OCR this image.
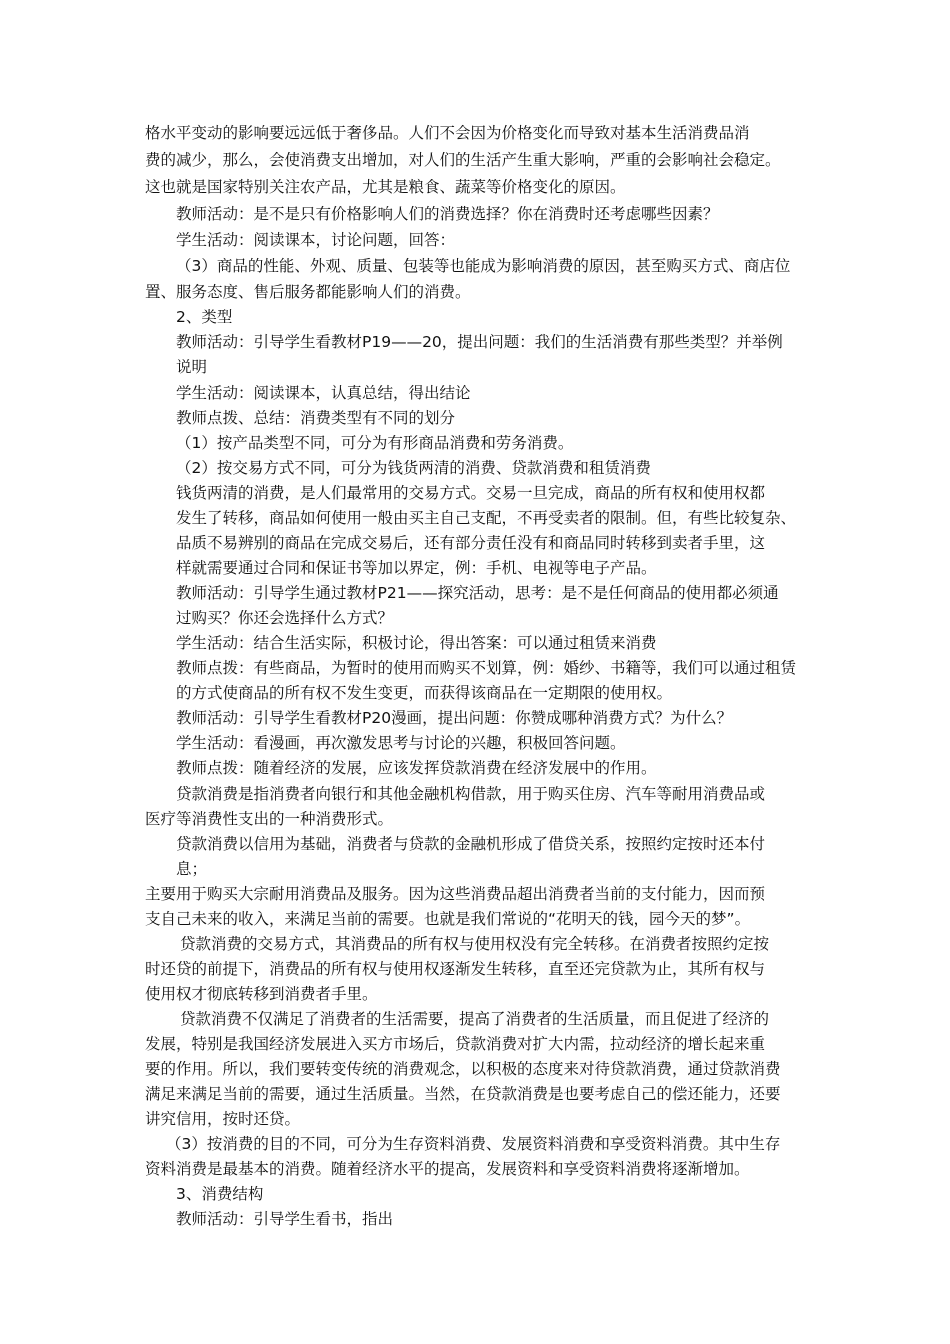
格水平变动的影响要远远低于奢侈品。人们不会因为价格变化而导致对基本生活消费品消
费的减少，那么，会使消费支出增加，对人们的生活产生重大影响，严重的会影响社会稳定。
这也就是国家特别关注农产品，尤其是粮食、蔬菜等价格变化的原因。
教师活动：是不是只有价格影响人们的消费选择？你在消费时还考虑哪些因素？
学生活动：阅读课本，讨论问题，回答：
（3）商品的性能、外观、质量、包装等也能成为影响消费的原因，甚至购买方式、商店位
置、服务态度、售后服务都能影响人们的消费。
2、类型
教师活动：引导学生看教材P19——20，提出问题：我们的生活消费有那些类型？并举例
说明
学生活动：阅读课本，认真总结，得出结论
教师点拨、总结：消费类型有不同的划分
（1）按产品类型不同，可分为有形商品消费和劳务消费。
（2）按交易方式不同，可分为钱货两清的消费、贷款消费和租赁消费
钱货两清的消费，是人们最常用的交易方式。交易一旦完成，商品的所有权和使用权都
发生了转移，商品如何使用一般由买主自己支配，不再受卖者的限制。但，有些比较复杂、
品质不易辨别的商品在完成交易后，还有部分责任没有和商品同时转移到卖者手里，这
样就需要通过合同和保证书等加以界定，例：手机、电视等电子产品。
教师活动：引导学生通过教材P21——探究活动，思考：是不是任何商品的使用都必须通
过购买？你还会选择什么方式？
学生活动：结合生活实际，积极讨论，得出答案：可以通过租赁来消费
教师点拨：有些商品，为暂时的使用而购买不划算，例：婚纱、书籍等，我们可以通过租赁
的方式使商品的所有权不发生变更，而获得该商品在一定期限的使用权。
教师活动：引导学生看教材P20漫画，提出问题：你赞成哪种消费方式？为什么？
学生活动：看漫画，再次激发思考与讨论的兴趣，积极回答问题。
教师点拨：随着经济的发展，应该发挥贷款消费在经济发展中的作用。
贷款消费是指消费者向银行和其他金融机构借款，用于购买住房、汽车等耐用消费品或
医疗等消费性支出的一种消费形式。
贷款消费以信用为基础，消费者与贷款的金融机形成了借贷关系，按照约定按时还本付
息；
主要用于购买大宗耐用消费品及服务。因为这些消费品超出消费者当前的支付能力，因而预
支自己未来的收入，来满足当前的需要。也就是我们常说的“花明天的钱，园今天的梦”。
贷款消费的交易方式，其消费品的所有权与使用权没有完全转移。在消费者按照约定按
时还贷的前提下，消费品的所有权与使用权逐渐发生转移，直至还完贷款为止，其所有权与
使用权才彻底转移到消费者手里。
贷款消费不仅满足了消费者的生活需要，提高了消费者的生活质量，而且促进了经济的
发展，特别是我国经济发展进入买方市场后，贷款消费对扩大内需，拉动经济的增长起来重
要的作用。所以，我们要转变传统的消费观念，以积极的态度来对待贷款消费，通过贷款消费
满足来满足当前的需要，通过生活质量。当然，在贷款消费是也要考虑自己的偿还能力，还要
讲究信用，按时还贷。
（3）按消费的目的不同，可分为生存资料消费、发展资料消费和享受资料消费。其中生存
资料消费是最基本的消费。随着经济水平的提高，发展资料和享受资料消费将逐渐增加。
3、消费结构
教师活动：引导学生看书，指出
